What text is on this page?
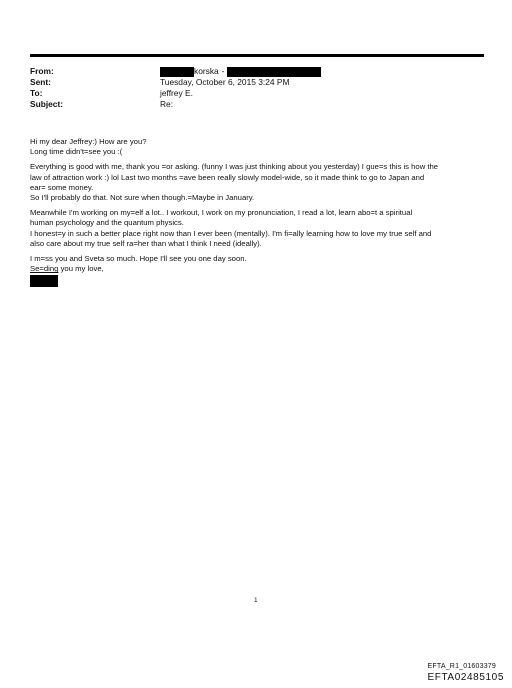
From:	korska -
Sent:	Tuesday, October 6, 2015 3:24 PM
To:	jeffrey E.
Subject:	Re:

Hi my dear Jeffrey:) How are you?
Long time didn't=see you :(

Everything is good with me, thank you =or asking. (funny I was just thinking about you yesterday) I gue=s this is how the
law of attraction work :) lol Last two months =ave been really slowly model-wide, so it made think to go to Japan and
ear= some money.
So I'll probably do that. Not sure when though.=Maybe in January.

Meanwhile I'm working on my=elf a lot.. I workout, I work on my pronunciation, I read a lot, learn abo=t a spiritual
human psychology and the quantum physics.
I honest=y in such a better place right now than I ever been (mentally). I'm fi=ally learning how to love my true self and
also care about my true self ra=her than what I think I need (ideally).

I m=ss you and Sveta so much. Hope I'll see you one day soon.
Se=ding you my love,

1
EFTA_R1_01603379
EFTA02485105
